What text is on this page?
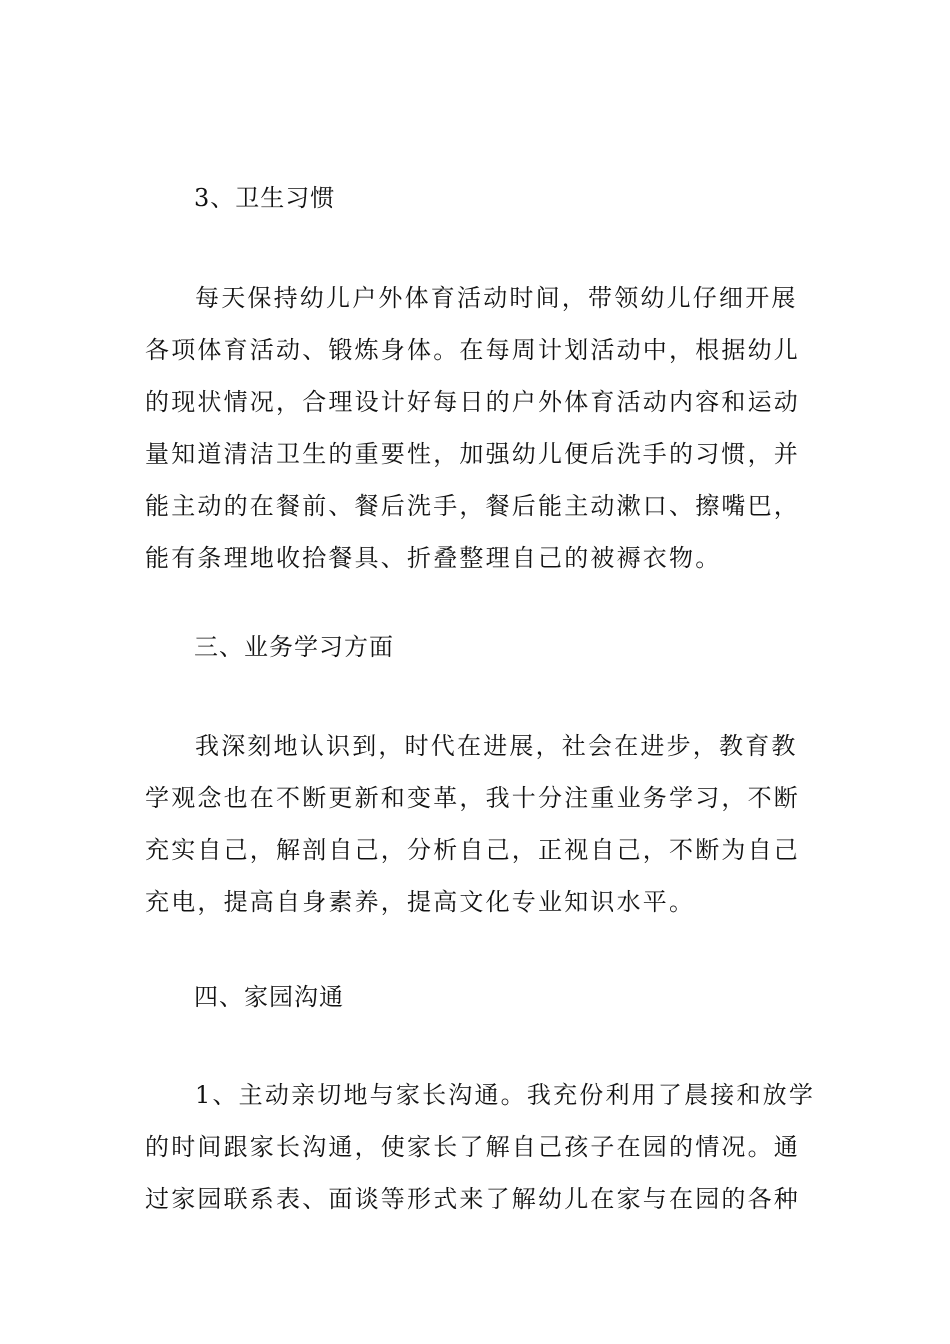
3、卫生习惯
每天保持幼儿户外体育活动时间，带领幼儿仔细开展
各项体育活动、锻炼身体。在每周计划活动中，根据幼儿
的现状情况，合理设计好每日的户外体育活动内容和运动
量知道清洁卫生的重要性，加强幼儿便后洗手的习惯，并
能主动的在餐前、餐后洗手，餐后能主动漱口、擦嘴巴，
能有条理地收拾餐具、折叠整理自己的被褥衣物。
三、业务学习方面
我深刻地认识到，时代在进展，社会在进步，教育教
学观念也在不断更新和变革，我十分注重业务学习，不断
充实自己，解剖自己，分析自己，正视自己，不断为自己
充电，提高自身素养，提高文化专业知识水平。
四、家园沟通
1、主动亲切地与家长沟通。我充份利用了晨接和放学
的时间跟家长沟通，使家长了解自己孩子在园的情况。通
过家园联系表、面谈等形式来了解幼儿在家与在园的各种
